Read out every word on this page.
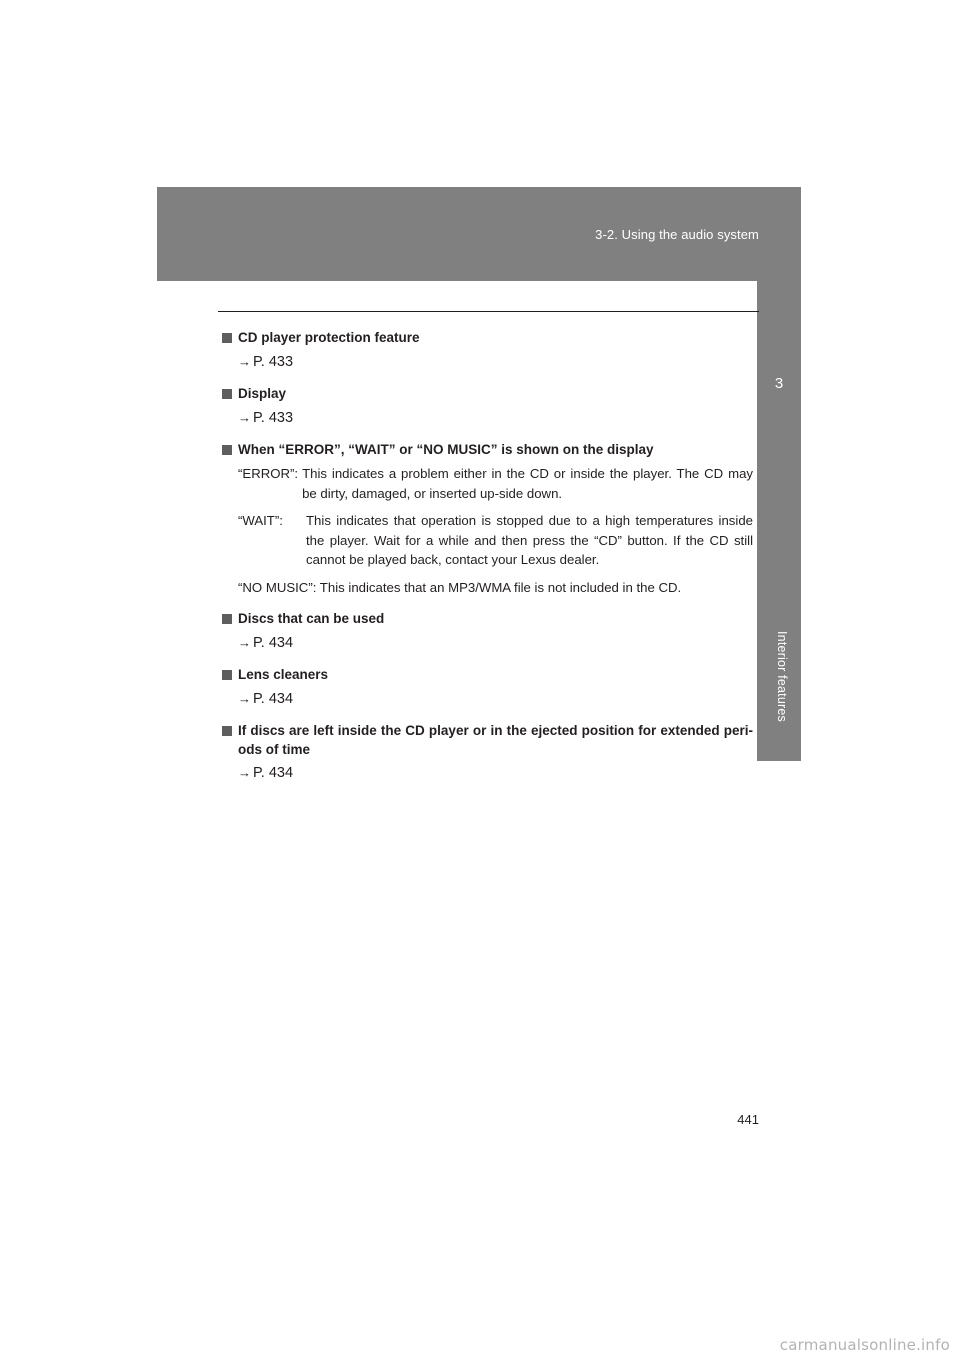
3-2. Using the audio system
3
Interior features
CD player protection feature
→ P. 433
Display
→ P. 433
When “ERROR”, “WAIT” or “NO MUSIC” is shown on the display
“ERROR”: This indicates a problem either in the CD or inside the player. The CD may be dirty, damaged, or inserted up-side down.
“WAIT”:	This indicates that operation is stopped due to a high temperatures inside the player. Wait for a while and then press the “CD” button. If the CD still cannot be played back, contact your Lexus dealer.
“NO MUSIC”: This indicates that an MP3/WMA file is not included in the CD.
Discs that can be used
→ P. 434
Lens cleaners
→ P. 434
If discs are left inside the CD player or in the ejected position for extended peri-ods of time
→ P. 434
441
carmanualsonline.info
